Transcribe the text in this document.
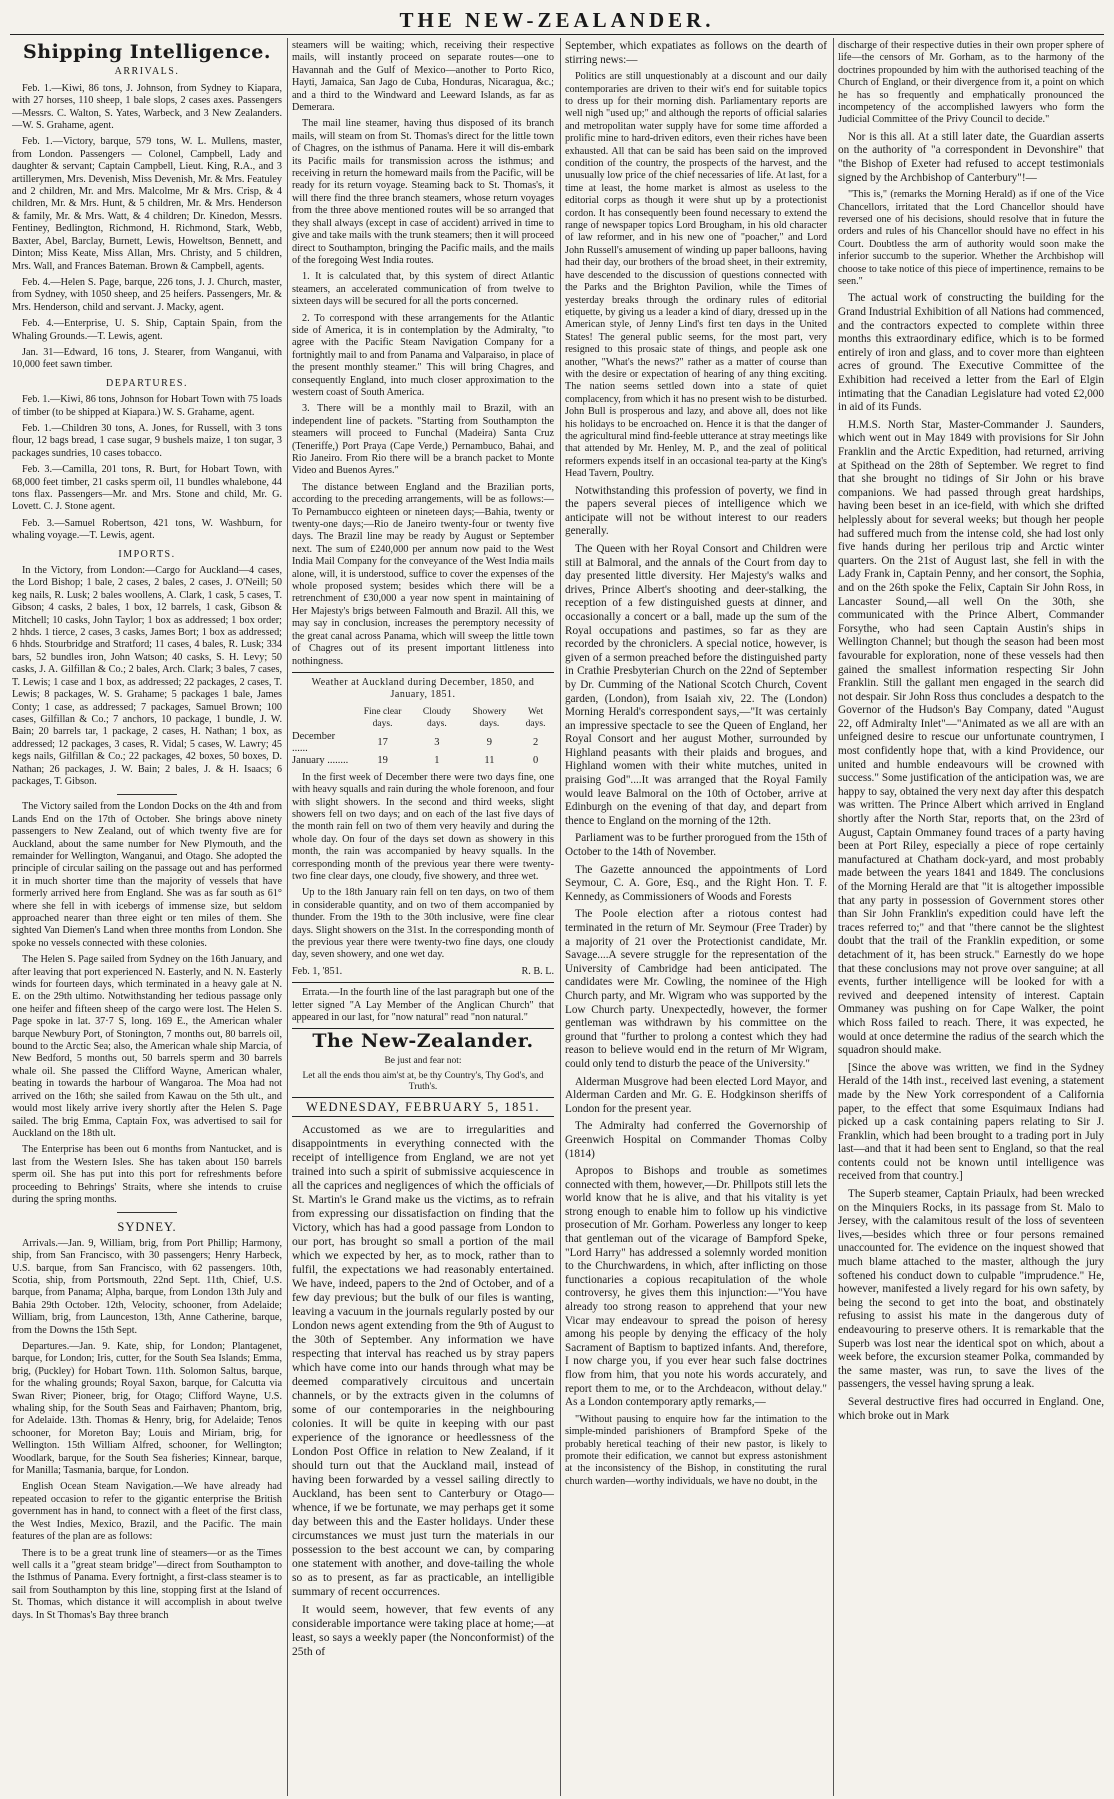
THE NEW-ZEALANDER.
Shipping Intelligence.
ARRIVALS.

Feb. 1.—Kiwi, 86 tons, J. Johnson, from Sydney to Kiapara, with 27 horses, 110 sheep, 1 bale slops, 2 cases axes. Passengers—Messrs. C. Walton, S. Yates, Warbeck, and 3 New Zealanders.—W. S. Grahame, agent.

Feb. 1.—Victory, barque, 579 tons, W. L. Mullens, master, from London. Passengers — Colonel, Campbell, Lady and daughter & servant; Captain Campbell, Lieut. King, R.A., and 3 artillerymen, Mrs. Devenish, Miss Devenish, Mr. & Mrs. Featuley and 2 children, Mr. and Mrs. Malcolme, Mr & Mrs. Crisp, & 4 children, Mr. & Mrs. Hunt, & 5 children, Mr. & Mrs. Henderson & family, Mr. & Mrs. Watt, & 4 children; Dr. Kinedon, Messrs. Fentiney, Bedlington, Richmond, H. Richmond, Stark, Webb, Baxter, Abel, Barclay, Burnett, Lewis, Howeltson, Bennett, and Dinton; Miss Keate, Miss Allan, Mrs. Christy, and 5 children, Mrs. Wall, and Frances Bateman. Brown & Campbell, agents.

Feb. 4.—Helen S. Page, barque, 226 tons, J. J. Church, master, from Sydney, with 1050 sheep, and 25 heifers. Passengers, Mr. & Mrs. Henderson, child and servant. J. Macky, agent.

Feb. 4.—Enterprise, U. S. Ship, Captain Spain, from the Whaling Grounds.—T. Lewis, agent.

Jan. 31—Edward, 16 tons, J. Stearer, from Wanganui, with 10,000 feet sawn timber.

DEPARTURES.

Feb. 1.—Kiwi, 86 tons, Johnson for Hobart Town with 75 loads of timber (to be shipped at Kiapara.) W. S. Grahame, agent.

Feb. 1.—Children 30 tons, A. Jones, for Russell, with 3 tons flour, 12 bags bread, 1 case sugar, 9 bushels maize, 1 ton sugar, 3 packages sundries, 10 cases tobacco.

Feb. 3.—Camilla, 201 tons, R. Burt, for Hobart Town, with 68,000 feet timber, 21 casks sperm oil, 11 bundles whalebone, 44 tons flax. Passengers—Mr. and Mrs. Stone and child, Mr. G. Lovett. C. J. Stone agent.

Feb. 3.—Samuel Robertson, 421 tons, W. Washburn, for whaling voyage.—T. Lewis, agent.

IMPORTS.

In the Victory, from London:—Cargo for Auckland—4 cases, the Lord Bishop; 1 bale, 2 cases, 2 bales, 2 cases, J. O'Neill; 50 keg nails, R. Lusk; 2 bales woollens, A. Clark, 1 cask, 5 cases, T. Gibson; 4 casks, 2 bales, 1 box, 12 barrels, 1 cask, Gibson & Mitchell; 10 casks, John Taylor; 1 box as addressed; 1 box order; 2 hhds. 1 tierce, 2 cases, 3 casks, James Bort; 1 box as addressed; 6 hhds. Stourbridge and Stratford; 11 cases, 4 bales, R. Lusk; 334 bars, 52 bundles iron, John Watson; 40 casks, S. H. Levy; 50 casks, J. A. Gilfillan & Co.; 2 bales, Arch. Clark; 3 bales, 7 cases, T. Lewis; 1 case and 1 box, as addressed; 22 packages, 2 cases, T. Lewis; 8 packages, W. S. Grahame; 5 packages 1 bale, James Conty; 1 case, as addressed; 7 packages, Samuel Brown; 100 cases, Gilfillan & Co.; 7 anchors, 10 package, 1 bundle, J. W. Bain; 20 barrels tar, 1 package, 2 cases, H. Nathan; 1 box, as addressed; 12 packages, 3 cases, R. Vidal; 5 cases, W. Lawry; 45 kegs nails, Gilfillan & Co.; 22 packages, 42 boxes, 50 boxes, D. Nathan; 26 packages, J. W. Bain; 2 bales, J. & H. Isaacs; 6 packages, T. Gibson.

The Victory sailed from the London Docks on the 4th and from Lands End on the 17th of October. She brings above ninety passengers to New Zealand, out of which twenty five are for Auckland, about the same number for New Plymouth, and the remainder for Wellington, Wanganui, and Otago. She adopted the principle of circular sailing on the passage out and has performed it in much shorter time than the majority of vessels that have formerly arrived here from England. She was as far south as 61° where she fell in with icebergs of immense size, but seldom approached nearer than three eight or ten miles of them. She sighted Van Diemen's Land when three months from London. She spoke no vessels connected with these colonies.

The Helen S. Page sailed from Sydney on the 16th January, and after leaving that port experienced N. Easterly, and N. N. Easterly winds for fourteen days, which terminated in a heavy gale at N. E. on the 29th ultimo. Notwithstanding her tedious passage only one heifer and fifteen sheep of the cargo were lost. The Helen S. Page spoke in lat. 37·7 S, long. 169 E., the American whaler barque Newbury Port, of Stonington, 7 months out, 80 barrels oil, bound to the Arctic Sea; also, the American whale ship Marcia, of New Bedford, 5 months out, 50 barrels sperm and 30 barrels whale oil. She passed the Clifford Wayne, American whaler, beating in towards the harbour of Wangaroa. The Moa had not arrived on the 16th; she sailed from Kawau on the 5th ult., and would most likely arrive ivery shortly after the Helen S. Page sailed. The brig Emma, Captain Fox, was advertised to sail for Auckland on the 18th ult.

The Enterprise has been out 6 months from Nantucket, and is last from the Western Isles. She has taken about 150 barrels sperm oil. She has put into this port for refreshments before proceeding to Behrings' Straits, where she intends to cruise during the spring months.

SYDNEY.

Arrivals.—Jan. 9, William, brig, from Port Phillip; Harmony, ship, from San Francisco, with 30 passengers; Henry Harbeck, U.S. barque, from San Francisco, with 62 passengers. 10th, Scotia, ship, from Portsmouth, 22nd Sept. 11th, Chief, U.S. barque, from Panama; Alpha, barque, from London 13th July and Bahia 29th October. 12th, Velocity, schooner, from Adelaide; William, brig, from Launceston, 13th, Anne Catherine, barque, from the Downs the 15th Sept.

Departures.—Jan. 9. Kate, ship, for London; Plantagenet, barque, for London; Iris, cutter, for the South Sea Islands; Emma, brig, (Puckley) for Hobart Town. 11th. Solomon Saltus, barque, for the whaling grounds; Royal Saxon, barque, for Calcutta via Swan River; Pioneer, brig, for Otago; Clifford Wayne, U.S. whaling ship, for the South Seas and Fairhaven; Phantom, brig, for Adelaide. 13th. Thomas & Henry, brig, for Adelaide; Tenos schooner, for Moreton Bay; Louis and Miriam, brig, for Wellington. 15th William Alfred, schooner, for Wellington; Woodlark, barque, for the South Sea fisheries; Kinnear, barque, for Manilla; Tasmania, barque, for London.

English Ocean Steam Navigation.—We have already had repeated occasion to refer to the gigantic enterprise the British government has in hand, to connect with a fleet of the first class, the West Indies, Mexico, Brazil, and the Pacific. The main features of the plan are as follows:

There is to be a great trunk line of steamers—or as the Times well calls it a "great steam bridge"—direct from Southampton to the Isthmus of Panama. Every fortnight, a first-class steamer is to sail from Southampton by this line, stopping first at the Island of St. Thomas, which distance it will accomplish in about twelve days. In St Thomas's Bay three branch

steamers will be waiting; which, receiving their respective mails, will instantly proceed on separate routes—one to Havannah and the Gulf of Mexico—another to Porto Rico, Hayti, Jamaica, San Jago de Cuba, Honduras, Nicaragua, &c.; and a third to the Windward and Leeward Islands, as far as Demerara.

The mail line steamer, having thus disposed of its branch mails, will steam on from St. Thomas's direct for the little town of Chagres, on the isthmus of Panama. Here it will dis-embark its Pacific mails for transmission across the isthmus; and receiving in return the homeward mails from the Pacific, will be ready for its return voyage. Steaming back to St. Thomas's, it will there find the three branch steamers, whose return voyages from the three above mentioned routes will be so arranged that they shall always (except in case of accident) arrived in time to give and take mails with the trunk steamers; then it will proceed direct to Southampton, bringing the Pacific mails, and the mails of the foregoing West India routes.

1. It is calculated that, by this system of direct Atlantic steamers, an accelerated communication of from twelve to sixteen days will be secured for all the ports concerned.

2. To correspond with these arrangements for the Atlantic side of America, it is in contemplation by the Admiralty, "to agree with the Pacific Steam Navigation Company for a fortnightly mail to and from Panama and Valparaiso, in place of the present monthly steamer." This will bring Chagres, and consequently England, into much closer approximation to the western coast of South America.

3. There will be a monthly mail to Brazil, with an independent line of packets. "Starting from Southampton the steamers will proceed to Funchal (Madeira) Santa Cruz (Teneriffe,) Port Praya (Cape Verde,) Pernambuco, Bahai, and Rio Janeiro. From Rio there will be a branch packet to Monte Video and Buenos Ayres."

The distance between England and the Brazilian ports, according to the preceding arrangements, will be as follows:—To Pernambucco eighteen or nineteen days;—Bahia, twenty or twenty-one days;—Rio de Janeiro twenty-four or twenty five days. The Brazil line may be ready by August or September next. The sum of £240,000 per annum now paid to the West India Mail Company for the conveyance of the West India mails alone, will, it is understood, suffice to cover the expenses of the whole proposed system; besides which there will be a retrenchment of £30,000 a year now spent in maintaining of Her Majesty's brigs between Falmouth and Brazil. All this, we may say in conclusion, increases the peremptory necessity of the great canal across Panama, which will sweep the little town of Chagres out of its present important littleness into nothingness.

Weather at Auckland during December, 1850, and January, 1851.
	Fine clear days.	Cloudy days.	Showery days.	Wet days.
December ......	17	3	9	2
January ........	19	1	11	0

In the first week of December there were two days fine, one with heavy squalls and rain during the whole forenoon, and four with slight showers. In the second and third weeks, slight showers fell on two days; and on each of the last five days of the month rain fell on two of them very heavily and during the whole day. On four of the days set down as showery in this month, the rain was accompanied by heavy squalls. In the corresponding month of the previous year there were twenty-two fine clear days, one cloudy, five showery, and three wet.

Up to the 18th January rain fell on ten days, on two of them in considerable quantity, and on two of them accompanied by thunder. From the 19th to the 30th inclusive, were fine clear days. Slight showers on the 31st. In the corresponding month of the previous year there were twenty-two fine days, one cloudy day, seven showery, and one wet day.

Feb. 1, '851.	R. B. L.

Errata.—In the fourth line of the last paragraph but one of the letter signed "A Lay Member of the Anglican Church" that appeared in our last, for "now natural" read "non natural."

The New-Zealander.
Be just and fear not:
Let all the ends thou aim'st at, be thy Country's, Thy God's, and Truth's.
WEDNESDAY, FEBRUARY 5, 1851.

Accustomed as we are to irregularities and disappointments in everything connected with the receipt of intelligence from England, we are not yet trained into such a spirit of submissive acquiescence in all the caprices and negligences of which the officials of St. Martin's le Grand make us the victims, as to refrain from expressing our dissatisfaction on finding that the Victory, which has had a good passage from London to our port, has brought so small a portion of the mail which we expected by her, as to mock, rather than to fulfil, the expectations we had reasonably entertained. We have, indeed, papers to the 2nd of October, and of a few day previous; but the bulk of our files is wanting, leaving a vacuum in the journals regularly posted by our London news agent extending from the 9th of August to the 30th of September. Any information we have respecting that interval has reached us by stray papers which have come into our hands through what may be deemed comparatively circuitous and uncertain channels, or by the extracts given in the columns of some of our contemporaries in the neighbouring colonies. It will be quite in keeping with our past experience of the ignorance or heedlessness of the London Post Office in relation to New Zealand, if it should turn out that the Auckland mail, instead of having been forwarded by a vessel sailing directly to Auckland, has been sent to Canterbury or Otago—whence, if we be fortunate, we may perhaps get it some day between this and the Easter holidays. Under these circumstances we must just turn the materials in our possession to the best account we can, by comparing one statement with another, and dove-tailing the whole so as to present, as far as practicable, an intelligible summary of recent occurrences.

It would seem, however, that few events of any considerable importance were taking place at home;—at least, so says a weekly paper (the Nonconformist) of the 25th of

September, which expatiates as follows on the dearth of stirring news:—

Politics are still unquestionably at a discount and our daily contemporaries are driven to their wit's end for suitable topics to dress up for their morning dish. Parliamentary reports are well nigh "used up;" and although the reports of official salaries and metropolitan water supply have for some time afforded a prolific mine to hard-driven editors, even their riches have been exhausted. All that can be said has been said on the improved condition of the country, the prospects of the harvest, and the unusually low price of the chief necessaries of life. At last, for a time at least, the home market is almost as useless to the editorial corps as though it were shut up by a protectionist cordon. It has consequently been found necessary to extend the range of newspaper topics Lord Brougham, in his old character of law reformer, and in his new one of "poacher," and Lord John Russell's amusement of winding up paper balloons, having had their day, our brothers of the broad sheet, in their extremity, have descended to the discussion of questions connected with the Parks and the Brighton Pavilion, while the Times of yesterday breaks through the ordinary rules of editorial etiquette, by giving us a leader a kind of diary, dressed up in the American style, of Jenny Lind's first ten days in the United States! The general public seems, for the most part, very resigned to this prosaic state of things, and people ask one another, "What's the news?" rather as a matter of course than with the desire or expectation of hearing of any thing exciting. The nation seems settled down into a state of quiet complacency, from which it has no present wish to be disturbed. John Bull is prosperous and lazy, and above all, does not like his holidays to be encroached on. Hence it is that the danger of the agricultural mind find-feeble utterance at stray meetings like that attended by Mr. Henley, M. P., and the zeal of political reformers expends itself in an occasional tea-party at the King's Head Tavern, Poultry.

Notwithstanding this profession of poverty, we find in the papers several pieces of intelligence which we anticipate will not be without interest to our readers generally.

The Queen with her Royal Consort and Children were still at Balmoral, and the annals of the Court from day to day presented little diversity. Her Majesty's walks and drives, Prince Albert's shooting and deer-stalking, the reception of a few distinguished guests at dinner, and occasionally a concert or a ball, made up the sum of the Royal occupations and pastimes, so far as they are recorded by the chroniclers. A special notice, however, is given of a sermon preached before the distinguished party in Crathie Presbyterian Church on the 22nd of September by Dr. Cumming of the National Scotch Church, Covent garden, (London), from Isaiah xiv, 22. The (London) Morning Herald's correspondent says,—"It was certainly an impressive spectacle to see the Queen of England, her Royal Consort and her august Mother, surrounded by Highland peasants with their plaids and brogues, and Highland women with their white mutches, united in praising God"....It was arranged that the Royal Family would leave Balmoral on the 10th of October, arrive at Edinburgh on the evening of that day, and depart from thence to England on the morning of the 12th.

Parliament was to be further prorogued from the 15th of October to the 14th of November.

The Gazette announced the appointments of Lord Seymour, C. A. Gore, Esq., and the Right Hon. T. F. Kennedy, as Commissioners of Woods and Forests

The Poole election after a riotous contest had terminated in the return of Mr. Seymour (Free Trader) by a majority of 21 over the Protectionist candidate, Mr. Savage....A severe struggle for the representation of the University of Cambridge had been anticipated. The candidates were Mr. Cowling, the nominee of the High Church party, and Mr. Wigram who was supported by the Low Church party. Unexpectedly, however, the former gentleman was withdrawn by his committee on the ground that "further to prolong a contest which they had reason to believe would end in the return of Mr Wigram, could only tend to disturb the peace of the University."

Alderman Musgrove had been elected Lord Mayor, and Alderman Carden and Mr. G. E. Hodgkinson sheriffs of London for the present year.

The Admiralty had conferred the Governorship of Greenwich Hospital on Commander Thomas Colby (1814)

Apropos to Bishops and trouble as sometimes connected with them, however,—Dr. Phillpots still lets the world know that he is alive, and that his vitality is yet strong enough to enable him to follow up his vindictive prosecution of Mr. Gorham. Powerless any longer to keep that gentleman out of the vicarage of Bampford Speke, "Lord Harry" has addressed a solemnly worded monition to the Churchwardens, in which, after inflicting on those functionaries a copious recapitulation of the whole controversy, he gives them this injunction:—"You have already too strong reason to apprehend that your new Vicar may endeavour to spread the poison of heresy among his people by denying the efficacy of the holy Sacrament of Baptism to baptized infants. And, therefore, I now charge you, if you ever hear such false doctrines flow from him, that you note his words accurately, and report them to me, or to the Archdeacon, without delay." As a London contemporary aptly remarks,—

"Without pausing to enquire how far the intimation to the simple-minded parishioners of Brampford Speke of the probably heretical teaching of their new pastor, is likely to promote their edification, we cannot but express astonishment at the inconsistency of the Bishop, in constituting the rural church warden—worthy individuals, we have no doubt, in the

discharge of their respective duties in their own proper sphere of life—the censors of Mr. Gorham, as to the harmony of the doctrines propounded by him with the authorised teaching of the Church of England, or their divergence from it, a point on which he has so frequently and emphatically pronounced the incompetency of the accomplished lawyers who form the Judicial Committee of the Privy Council to decide."

Nor is this all. At a still later date, the Guardian asserts on the authority of "a correspondent in Devonshire" that "the Bishop of Exeter had refused to accept testimonials signed by the Archbishop of Canterbury"!—

"This is," (remarks the Morning Herald) as if one of the Vice Chancellors, irritated that the Lord Chancellor should have reversed one of his decisions, should resolve that in future the orders and rules of his Chancellor should have no effect in his Court. Doubtless the arm of authority would soon make the inferior succumb to the superior. Whether the Archbishop will choose to take notice of this piece of impertinence, remains to be seen."

The actual work of constructing the building for the Grand Industrial Exhibition of all Nations had commenced, and the contractors expected to complete within three months this extraordinary edifice, which is to be formed entirely of iron and glass, and to cover more than eighteen acres of ground. The Executive Committee of the Exhibition had received a letter from the Earl of Elgin intimating that the Canadian Legislature had voted £2,000 in aid of its Funds.

H.M.S. North Star, Master-Commander J. Saunders, which went out in May 1849 with provisions for Sir John Franklin and the Arctic Expedition, had returned, arriving at Spithead on the 28th of September. We regret to find that she brought no tidings of Sir John or his brave companions. We had passed through great hardships, having been beset in an ice-field, with which she drifted helplessly about for several weeks; but though her people had suffered much from the intense cold, she had lost only five hands during her perilous trip and Arctic winter quarters. On the 21st of August last, she fell in with the Lady Frank in, Captain Penny, and her consort, the Sophia, and on the 26th spoke the Felix, Captain Sir John Ross, in Lancaster Sound,—all well On the 30th, she communicated with the Prince Albert, Commander Forsythe, who had seen Captain Austin's ships in Wellington Channel; but though the season had been most favourable for exploration, none of these vessels had then gained the smallest information respecting Sir John Franklin. Still the gallant men engaged in the search did not despair. Sir John Ross thus concludes a despatch to the Governor of the Hudson's Bay Company, dated "August 22, off Admiralty Inlet"—"Animated as we all are with an unfeigned desire to rescue our unfortunate countrymen, I most confidently hope that, with a kind Providence, our united and humble endeavours will be crowned with success." Some justification of the anticipation was, we are happy to say, obtained the very next day after this despatch was written. The Prince Albert which arrived in England shortly after the North Star, reports that, on the 23rd of August, Captain Ommaney found traces of a party having been at Port Riley, especially a piece of rope certainly manufactured at Chatham dock-yard, and most probably made between the years 1841 and 1849. The conclusions of the Morning Herald are that "it is altogether impossible that any party in possession of Government stores other than Sir John Franklin's expedition could have left the traces referred to;" and that "there cannot be the slightest doubt that the trail of the Franklin expedition, or some detachment of it, has been struck." Earnestly do we hope that these conclusions may not prove over sanguine; at all events, further intelligence will be looked for with a revived and deepened intensity of interest. Captain Ommaney was pushing on for Cape Walker, the point which Ross failed to reach. There, it was expected, he would at once determine the radius of the search which the squadron should make.

[Since the above was written, we find in the Sydney Herald of the 14th inst., received last evening, a statement made by the New York correspondent of a California paper, to the effect that some Esquimaux Indians had picked up a cask containing papers relating to Sir J. Franklin, which had been brought to a trading port in July last—and that it had been sent to England, so that the real contents could not be known until intelligence was received from that country.]

The Superb steamer, Captain Priaulx, had been wrecked on the Minquiers Rocks, in its passage from St. Malo to Jersey, with the calamitous result of the loss of seventeen lives,—besides which three or four persons remained unaccounted for. The evidence on the inquest showed that much blame attached to the master, although the jury softened his conduct down to culpable "imprudence." He, however, manifested a lively regard for his own safety, by being the second to get into the boat, and obstinately refusing to assist his mate in the dangerous duty of endeavouring to preserve others. It is remarkable that the Superb was lost near the identical spot on which, about a week before, the excursion steamer Polka, commanded by the same master, was run, to save the lives of the passengers, the vessel having sprung a leak.

Several destructive fires had occurred in England. One, which broke out in Mark
